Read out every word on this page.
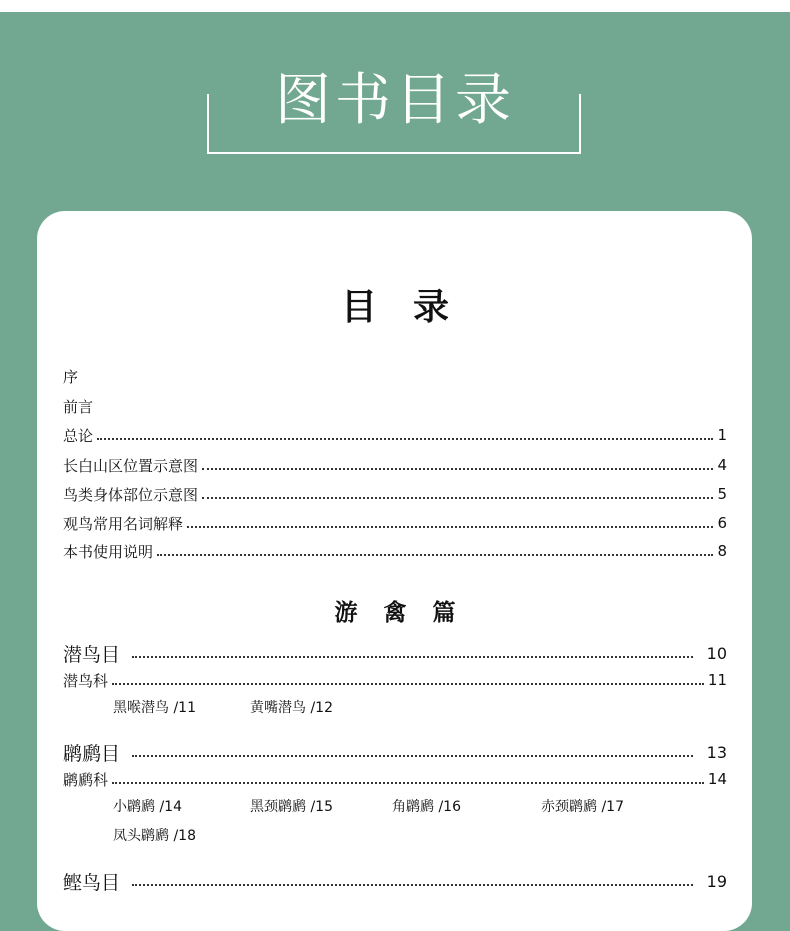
图书目录
目　录
序
前言
总论	1
长白山区位置示意图	4
鸟类身体部位示意图	5
观鸟常用名词解释	6
本书使用说明	8
游 禽 篇
潜鸟目	10
潜鸟科	11
黑喉潜鸟 /11	黄嘴潜鸟 /12
䴙䴘目	13
䴙䴘科	14
小䴙䴘 /14	黑颈䴙䴘 /15	角䴙䴘 /16	赤颈䴙䴘 /17
凤头䴙䴘 /18
鲣鸟目	19
